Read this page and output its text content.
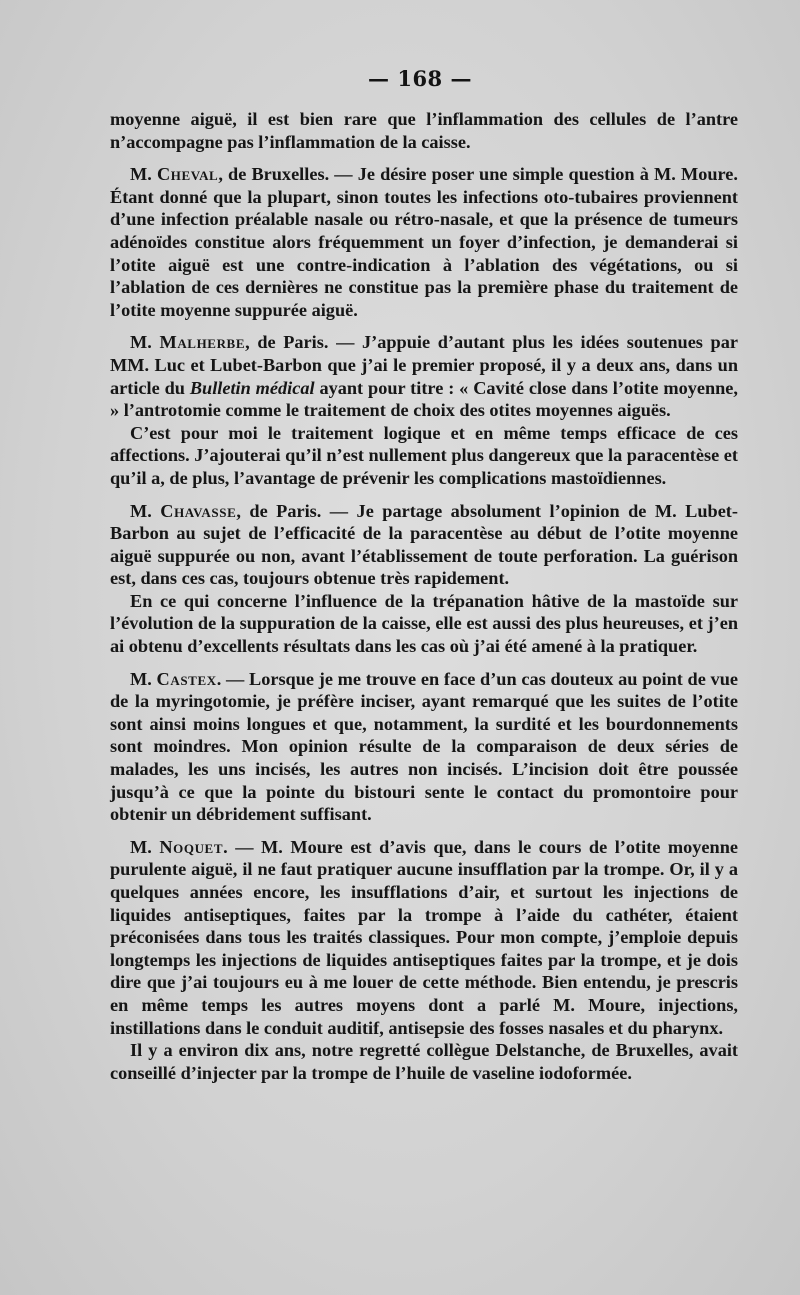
— 168 —

moyenne aiguë, il est bien rare que l’inflammation des cellules de l’antre n’accompagne pas l’inflammation de la caisse.

M. Cheval, de Bruxelles. — Je désire poser une simple question à M. Moure. Étant donné que la plupart, sinon toutes les infections oto-tubaires proviennent d’une infection préalable nasale ou rétro-nasale, et que la présence de tumeurs adénoïdes constitue alors fréquemment un foyer d’infection, je demanderai si l’otite aiguë est une contre-indication à l’ablation des végétations, ou si l’ablation de ces dernières ne constitue pas la première phase du traitement de l’otite moyenne suppurée aiguë.

M. Malherbe, de Paris. — J’appuie d’autant plus les idées soutenues par MM. Luc et Lubet-Barbon que j’ai le premier proposé, il y a deux ans, dans un article du Bulletin médical ayant pour titre : « Cavité close dans l’otite moyenne, » l’antrotomie comme le traitement de choix des otites moyennes aiguës.

C’est pour moi le traitement logique et en même temps efficace de ces affections. J’ajouterai qu’il n’est nullement plus dangereux que la paracentèse et qu’il a, de plus, l’avantage de prévenir les complications mastoïdiennes.

M. Chavasse, de Paris. — Je partage absolument l’opinion de M. Lubet-Barbon au sujet de l’efficacité de la paracentèse au début de l’otite moyenne aiguë suppurée ou non, avant l’établissement de toute perforation. La guérison est, dans ces cas, toujours obtenue très rapidement.

En ce qui concerne l’influence de la trépanation hâtive de la mastoïde sur l’évolution de la suppuration de la caisse, elle est aussi des plus heureuses, et j’en ai obtenu d’excellents résultats dans les cas où j’ai été amené à la pratiquer.

M. Castex. — Lorsque je me trouve en face d’un cas douteux au point de vue de la myringotomie, je préfère inciser, ayant remarqué que les suites de l’otite sont ainsi moins longues et que, notamment, la surdité et les bourdonnements sont moindres. Mon opinion résulte de la comparaison de deux séries de malades, les uns incisés, les autres non incisés. L’incision doit être poussée jusqu’à ce que la pointe du bistouri sente le contact du promontoire pour obtenir un débridement suffisant.

M. Noquet. — M. Moure est d’avis que, dans le cours de l’otite moyenne purulente aiguë, il ne faut pratiquer aucune insufflation par la trompe. Or, il y a quelques années encore, les insufflations d’air, et surtout les injections de liquides antiseptiques, faites par la trompe à l’aide du cathéter, étaient préconisées dans tous les traités classiques. Pour mon compte, j’emploie depuis longtemps les injections de liquides antiseptiques faites par la trompe, et je dois dire que j’ai toujours eu à me louer de cette méthode. Bien entendu, je prescris en même temps les autres moyens dont a parlé M. Moure, injections, instillations dans le conduit auditif, antisepsie des fosses nasales et du pharynx.

Il y a environ dix ans, notre regretté collègue Delstanche, de Bruxelles, avait conseillé d’injecter par la trompe de l’huile de vaseline iodoformée.
